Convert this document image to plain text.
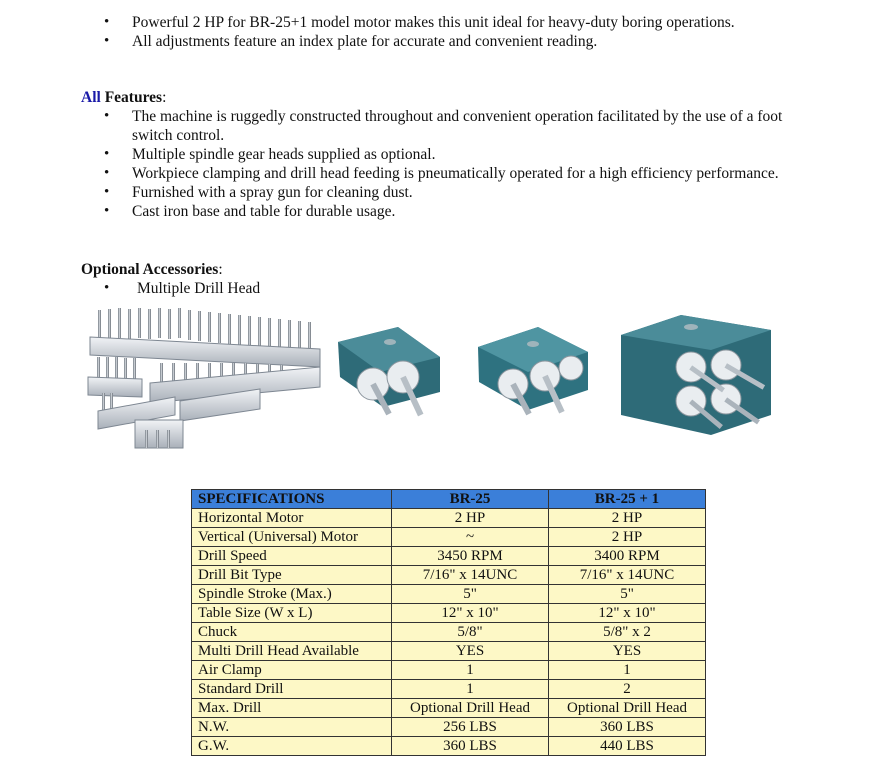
• Powerful 2 HP for BR-25+1 model motor makes this unit ideal for heavy-duty boring operations.
• All adjustments feature an index plate for accurate and convenient reading.
All Features:
• The machine is ruggedly constructed throughout and convenient operation facilitated by the use of a foot switch control.
• Multiple spindle gear heads supplied as optional.
• Workpiece clamping and drill head feeding is pneumatically operated for a high efficiency performance.
• Furnished with a spray gun for cleaning dust.
• Cast iron base and table for durable usage.
Optional Accessories:
• Multiple Drill Head
SPECIFICATIONS	BR-25	BR-25 + 1
Horizontal Motor	2 HP	2 HP
Vertical (Universal) Motor	~	2 HP
Drill Speed	3450 RPM	3400 RPM
Drill Bit Type	7/16" x 14UNC	7/16" x 14UNC
Spindle Stroke (Max.)	5"	5"
Table Size (W x L)	12" x 10"	12" x 10"
Chuck	5/8"	5/8" x 2
Multi Drill Head Available	YES	YES
Air Clamp	1	1
Standard Drill	1	2
Max. Drill	Optional Drill Head	Optional Drill Head
N.W.	256 LBS	360 LBS
G.W.	360 LBS	440 LBS
